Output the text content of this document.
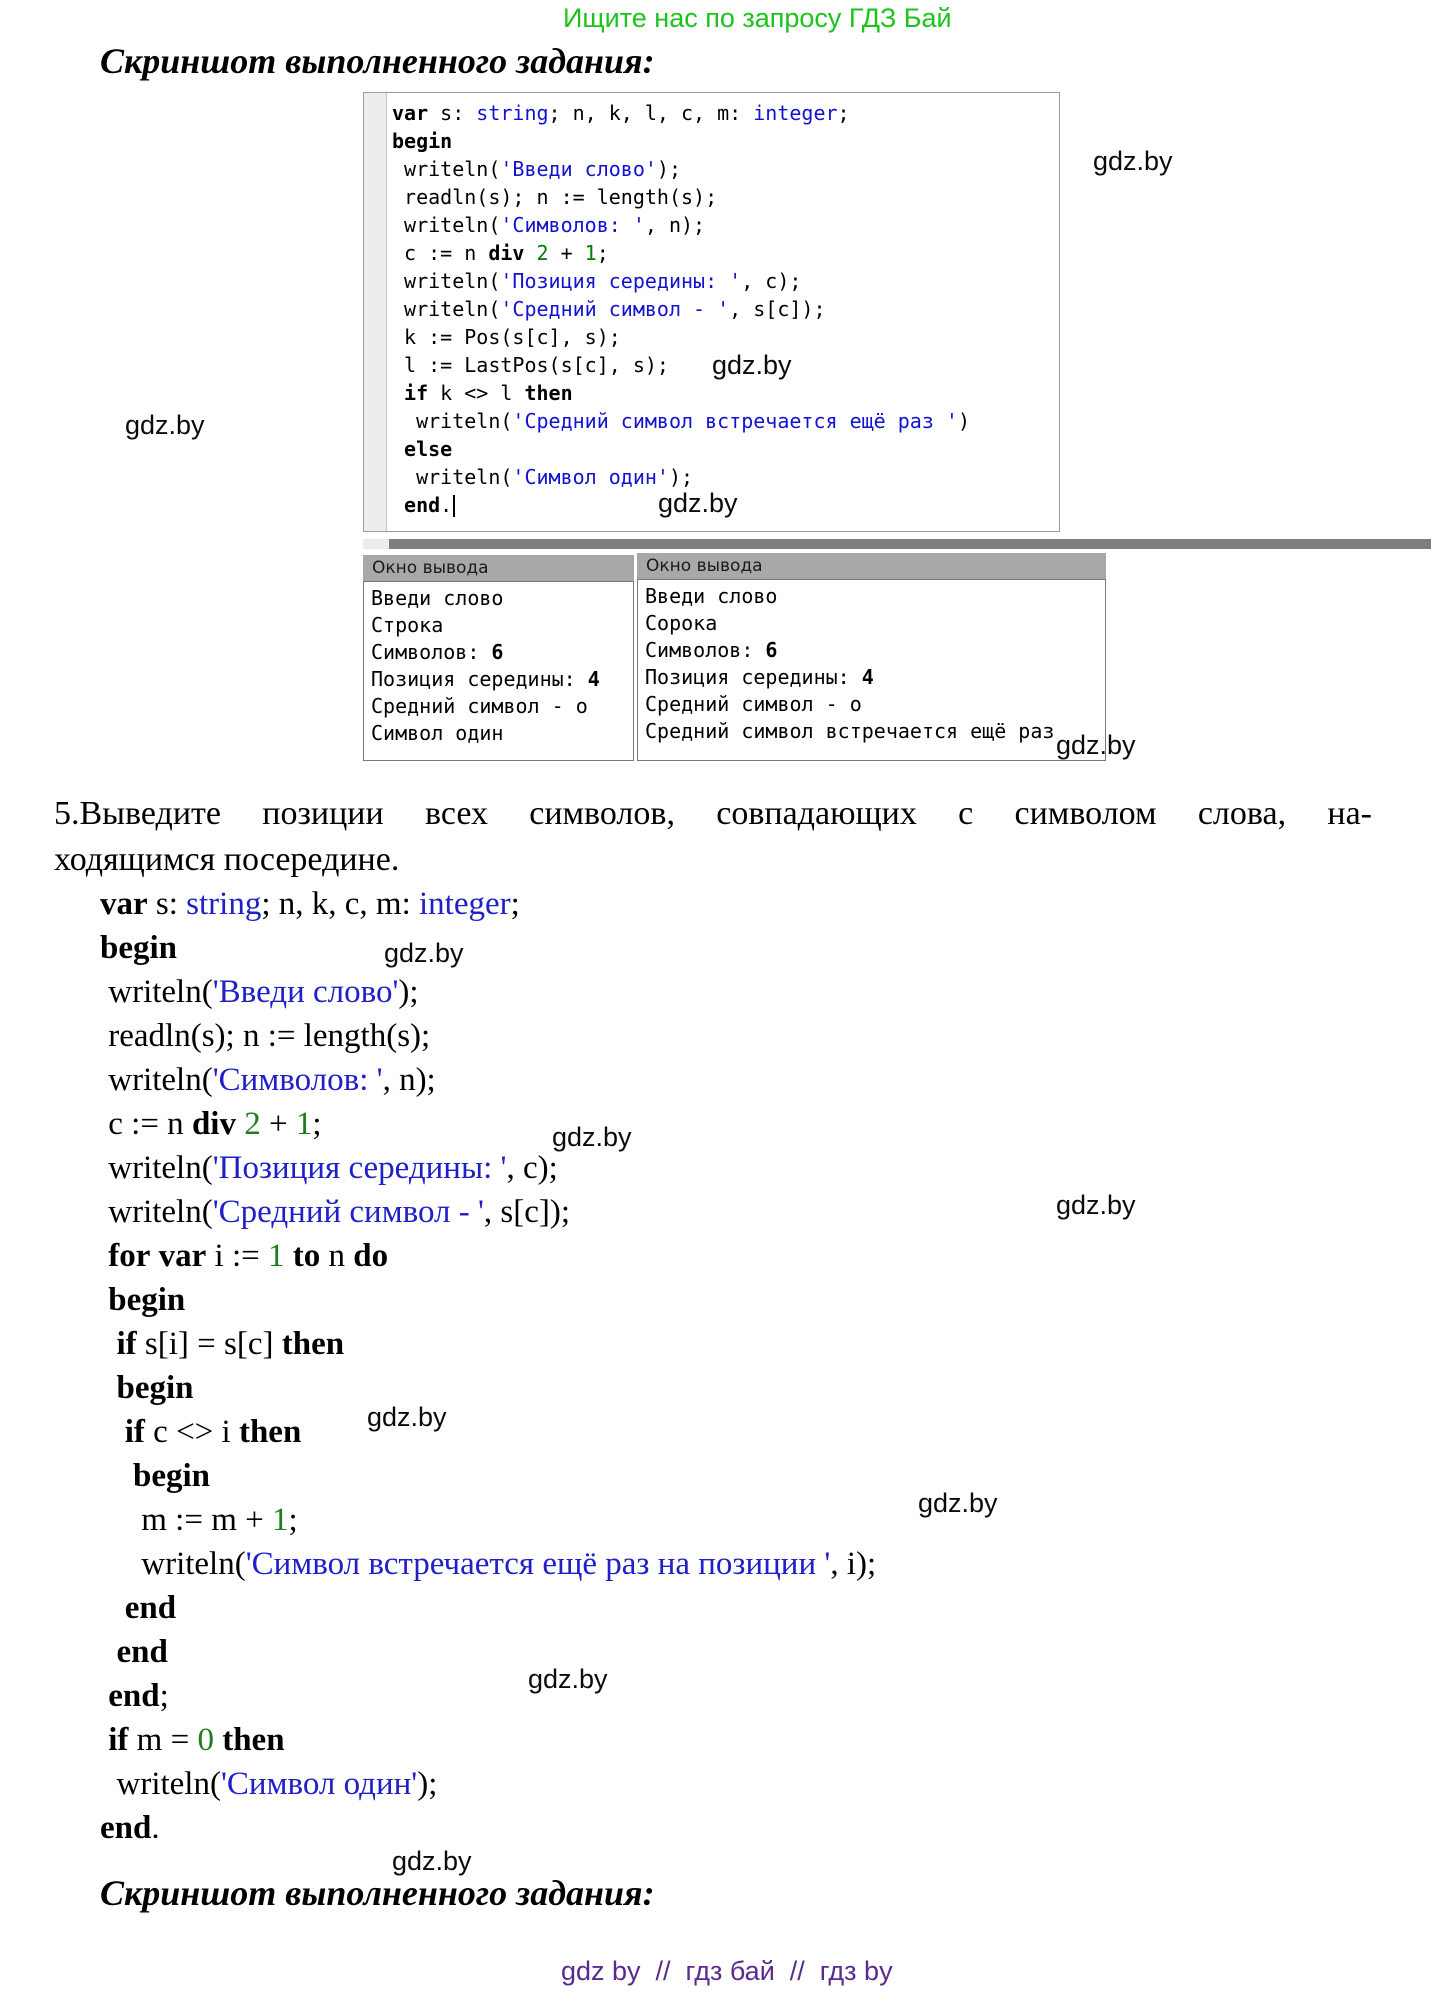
Ищите нас по запросу ГДЗ Бай
Скриншот выполненного задания:
var s: string; n, k, l, c, m: integer;
begin
writeln('Введи слово');
readln(s); n := length(s);
writeln('Символов: ', n);
c := n div 2 + 1;
writeln('Позиция середины: ', c);
writeln('Средний символ - ', s[c]);
k := Pos(s[c], s);
l := LastPos(s[c], s);
if k <> l then
writeln('Средний символ встречается ещё раз ')
else
writeln('Символ один');
end.
Окно вывода
Введи слово
Строка
Символов: 6
Позиция середины: 4
Средний символ - о
Символ один
Окно вывода
Введи слово
Сорока
Символов: 6
Позиция середины: 4
Средний символ - о
Средний символ встречается ещё раз
5.Выведите позиции всех символов, совпадающих с символом слова, на-
ходящимся посередине.
var s: string; n, k, c, m: integer;
begin
writeln('Введи слово');
readln(s); n := length(s);
writeln('Символов: ', n);
c := n div 2 + 1;
writeln('Позиция середины: ', c);
writeln('Средний символ - ', s[c]);
for var i := 1 to n do
begin
if s[i] = s[c] then
begin
if c <> i then
begin
m := m + 1;
writeln('Символ встречается ещё раз на позиции ', i);
end
end
end;
if m = 0 then
writeln('Символ один');
end.
Скриншот выполненного задания:
gdz by  //  гдз бай  //  гдз by
gdz.by
gdz.by
gdz.by
gdz.by
gdz.by
gdz.by
gdz.by
gdz.by
gdz.by
gdz.by
gdz.by
gdz.by
